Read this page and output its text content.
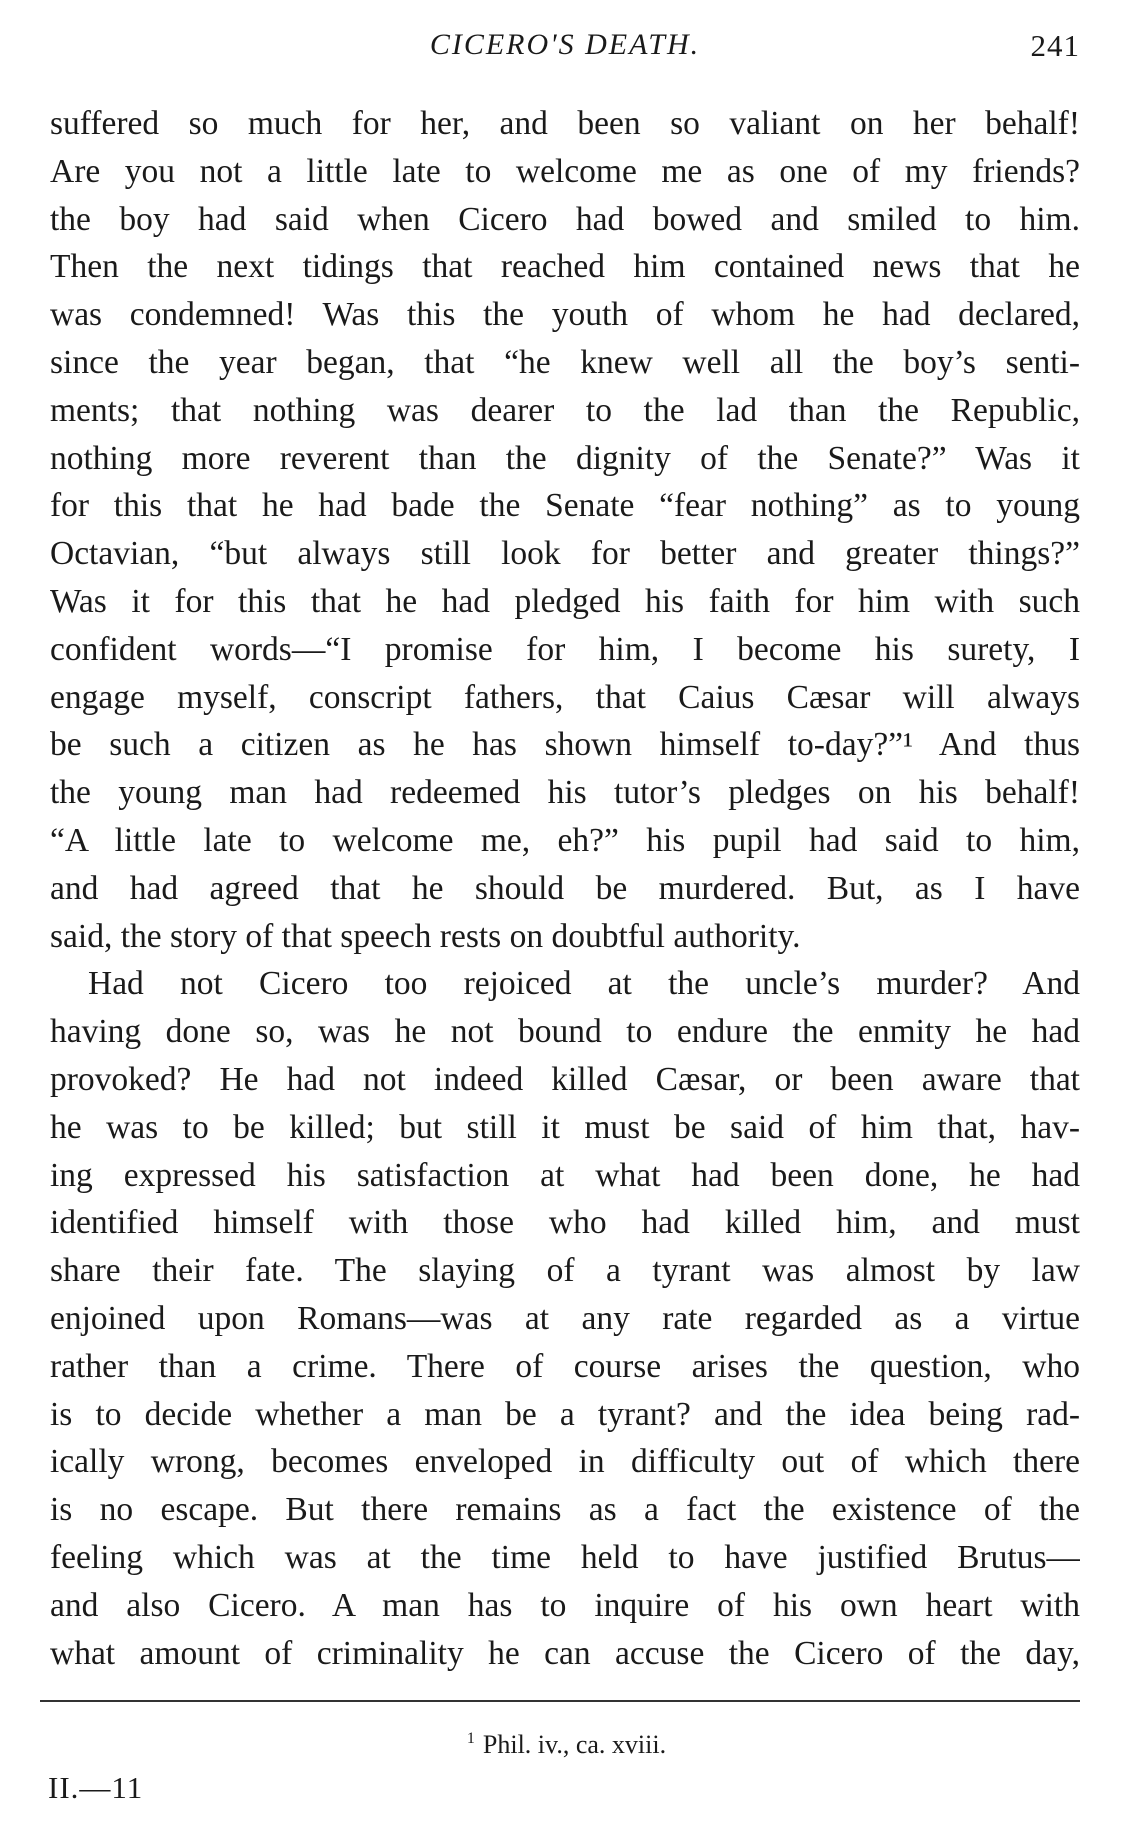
CICERO'S DEATH.	241
suffered so much for her, and been so valiant on her behalf!
Are you not a little late to welcome me as one of my friends?
the boy had said when Cicero had bowed and smiled to him.
Then the next tidings that reached him contained news that he
was condemned! Was this the youth of whom he had declared,
since the year began, that “he knew well all the boy’s senti-
ments; that nothing was dearer to the lad than the Republic,
nothing more reverent than the dignity of the Senate?” Was it
for this that he had bade the Senate “fear nothing” as to young
Octavian, “but always still look for better and greater things?”
Was it for this that he had pledged his faith for him with such
confident words—“I promise for him, I become his surety, I
engage myself, conscript fathers, that Caius Cæsar will always
be such a citizen as he has shown himself to-day?”¹ And thus
the young man had redeemed his tutor’s pledges on his behalf!
“A little late to welcome me, eh?” his pupil had said to him,
and had agreed that he should be murdered. But, as I have
said, the story of that speech rests on doubtful authority.
Had not Cicero too rejoiced at the uncle’s murder? And
having done so, was he not bound to endure the enmity he had
provoked? He had not indeed killed Cæsar, or been aware that
he was to be killed; but still it must be said of him that, hav-
ing expressed his satisfaction at what had been done, he had
identified himself with those who had killed him, and must
share their fate. The slaying of a tyrant was almost by law
enjoined upon Romans—was at any rate regarded as a virtue
rather than a crime. There of course arises the question, who
is to decide whether a man be a tyrant? and the idea being rad-
ically wrong, becomes enveloped in difficulty out of which there
is no escape. But there remains as a fact the existence of the
feeling which was at the time held to have justified Brutus—
and also Cicero. A man has to inquire of his own heart with
what amount of criminality he can accuse the Cicero of the day,
$^1$ Phil. iv., ca. xviii.
II.—11
